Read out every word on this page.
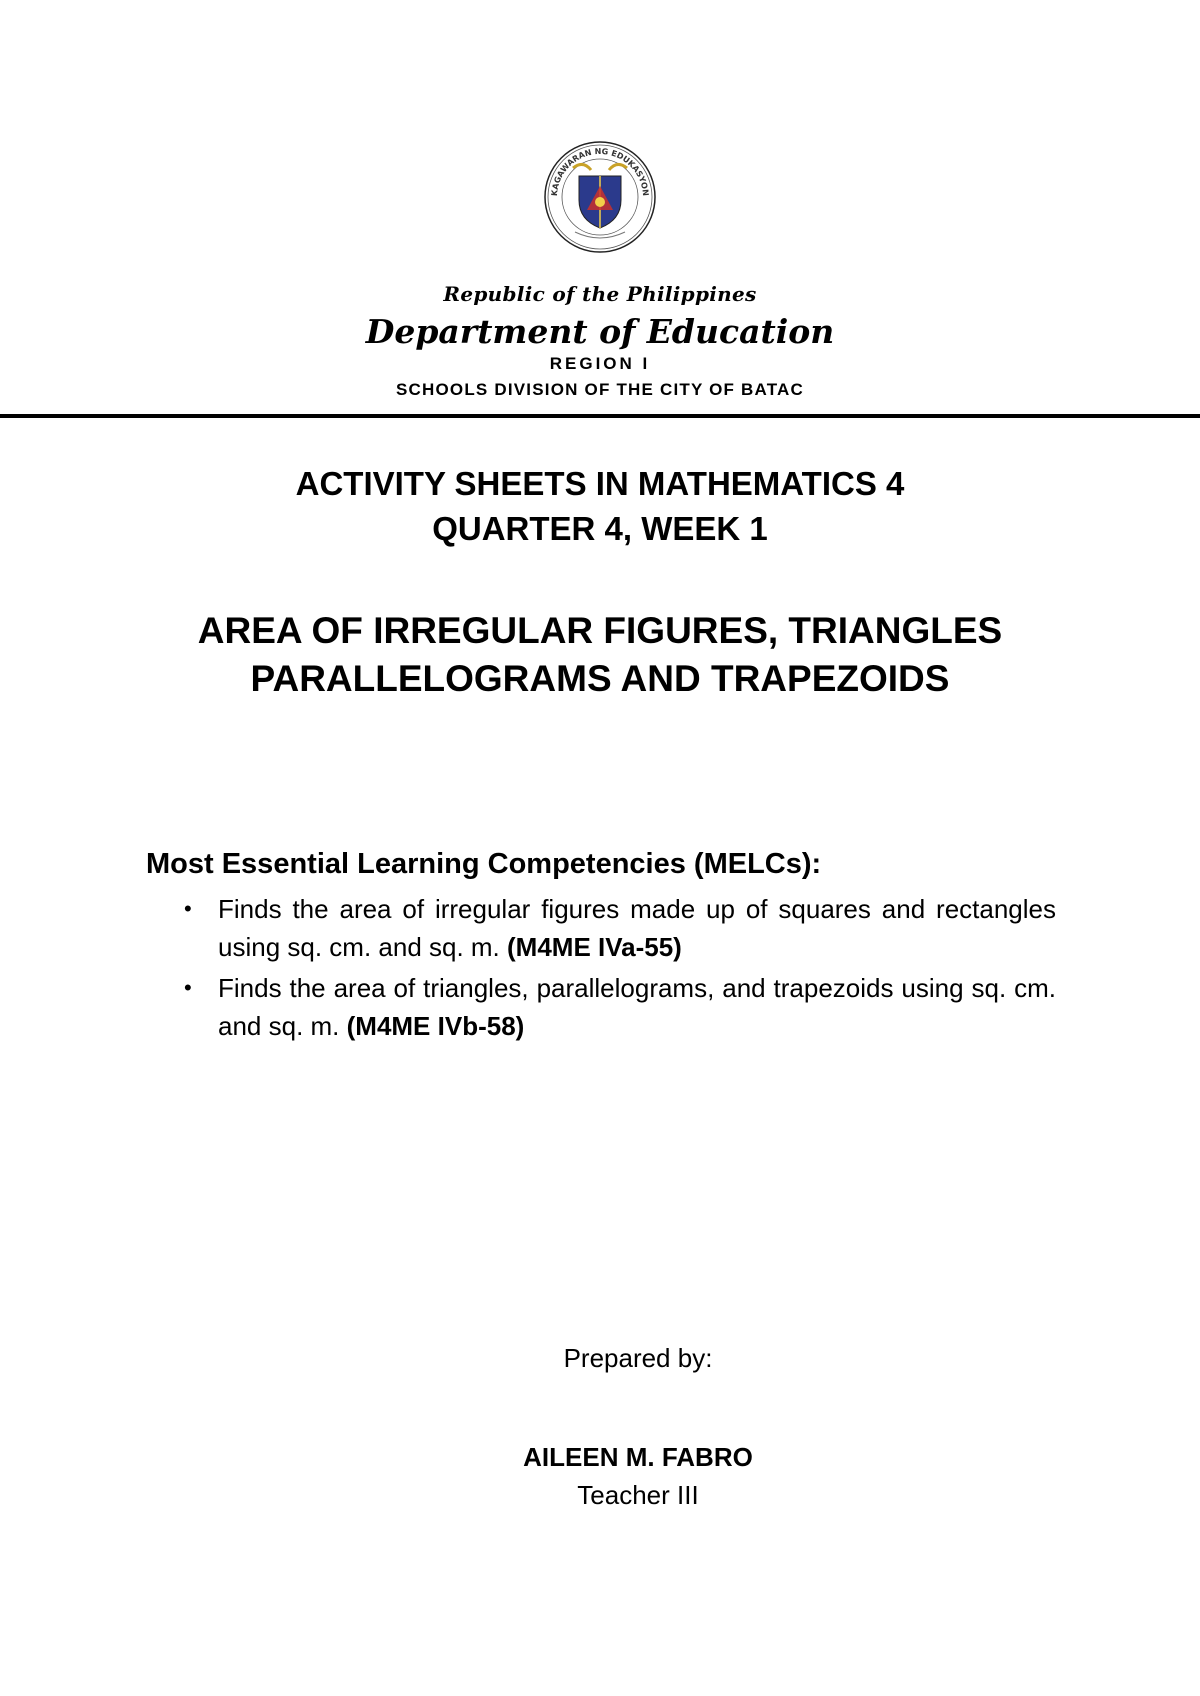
KAGAWARAN NG EDUKASYON
Republic of the Philippines
Department of Education
REGION I
SCHOOLS DIVISION OF THE CITY OF BATAC
ACTIVITY SHEETS IN MATHEMATICS 4
QUARTER 4, WEEK 1
AREA OF IRREGULAR FIGURES, TRIANGLES
PARALLELOGRAMS AND TRAPEZOIDS
Most Essential Learning Competencies (MELCs):
• Finds the area of irregular figures made up of squares and rectangles using sq. cm. and sq. m. (M4ME IVa-55)
• Finds the area of triangles, parallelograms, and trapezoids using sq. cm. and sq. m. (M4ME IVb-58)
Prepared by:
AILEEN M. FABRO
Teacher III
